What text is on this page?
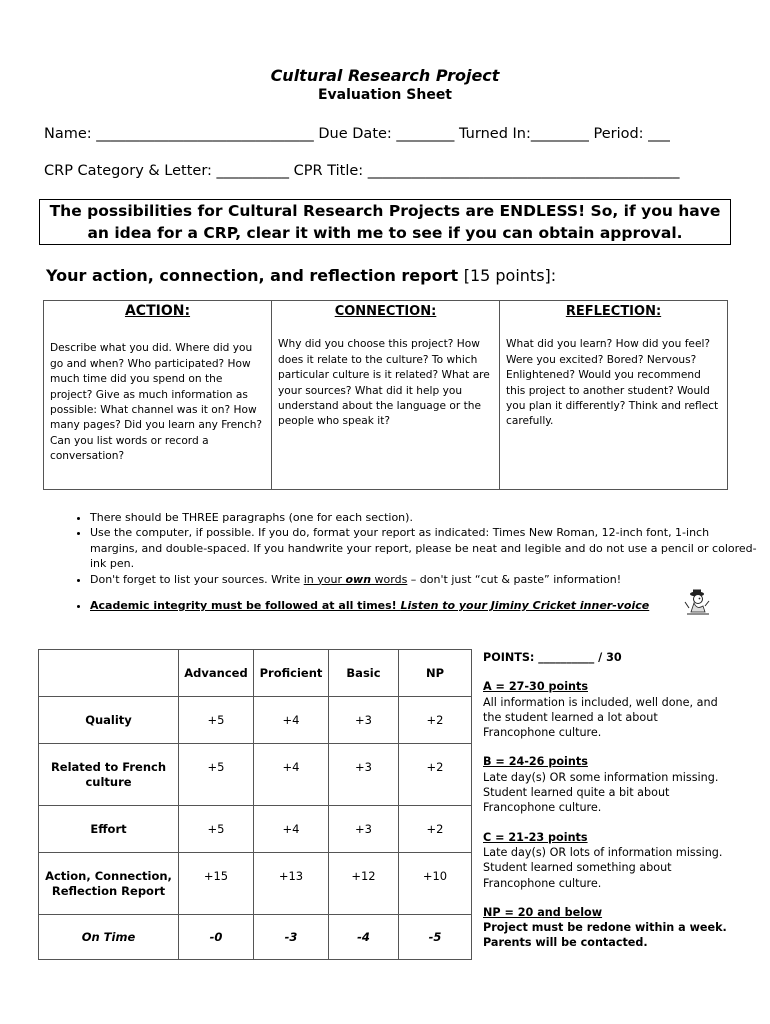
Cultural Research Project
Evaluation Sheet
Name: ______________________________ Due Date: ________ Turned In:________ Period: ___
CRP Category & Letter: __________ CPR Title: ___________________________________________
The possibilities for Cultural Research Projects are ENDLESS! So, if you have an idea for a CRP, clear it with me to see if you can obtain approval.
Your action, connection, and reflection report [15 points]:
ACTION:
Describe what you did. Where did you go and when? Who participated? How much time did you spend on the project? Give as much information as possible: What channel was it on? How many pages? Did you learn any French? Can you list words or record a conversation?

CONNECTION:
Why did you choose this project? How does it relate to the culture? To which particular culture is it related? What are your sources? What did it help you understand about the language or the people who speak it?

REFLECTION:
What did you learn? How did you feel? Were you excited? Bored? Nervous? Enlightened? Would you recommend this project to another student? Would you plan it differently? Think and reflect carefully.
• There should be THREE paragraphs (one for each section).
• Use the computer, if possible. If you do, format your report as indicated: Times New Roman, 12-inch font, 1-inch margins, and double-spaced. If you handwrite your report, please be neat and legible and do not use a pencil or colored-ink pen.
• Don't forget to list your sources. Write in your own words – don't just “cut & paste” information!
• Academic integrity must be followed at all times! Listen to your Jiminy Cricket inner-voice
	Advanced	Proficient	Basic	NP
Quality	+5	+4	+3	+2
Related to French culture	+5	+4	+3	+2
Effort	+5	+4	+3	+2
Action, Connection, Reflection Report	+15	+13	+12	+10
On Time	-0	-3	-4	-5
POINTS: __________ / 30
A = 27-30 points
All information is included, well done, and the student learned a lot about Francophone culture.
B = 24-26 points
Late day(s) OR some information missing. Student learned quite a bit about Francophone culture.
C = 21-23 points
Late day(s) OR lots of information missing. Student learned something about Francophone culture.
NP = 20 and below
Project must be redone within a week. Parents will be contacted.
